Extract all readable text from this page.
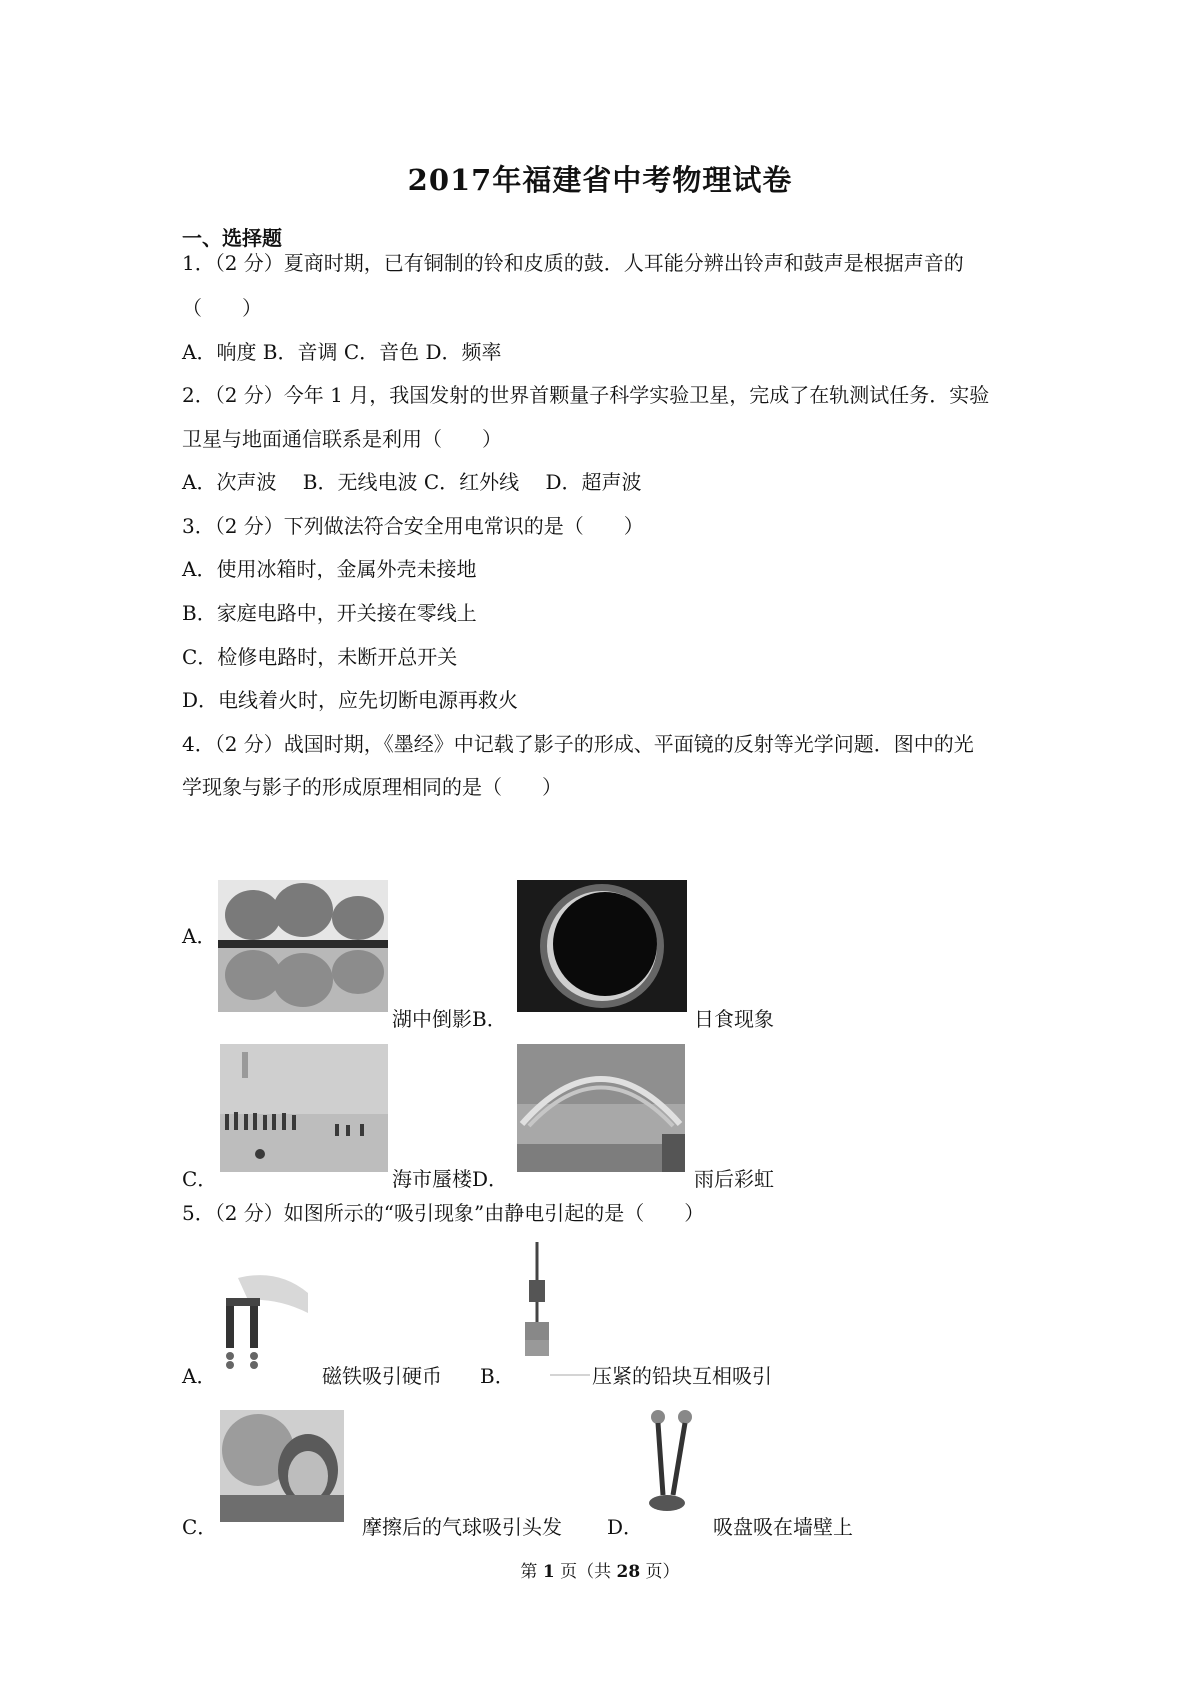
2017年福建省中考物理试卷
一、选择题
1．（2 分）夏商时期，已有铜制的铃和皮质的鼓．人耳能分辨出铃声和鼓声是根据声音的
（　　）
A．响度 B．音调 C．音色 D．频率
2．（2 分）今年 1 月，我国发射的世界首颗量子科学实验卫星，完成了在轨测试任务．实验
卫星与地面通信联系是利用（　　）
A．次声波　 B．无线电波 C．红外线　 D．超声波
3．（2 分）下列做法符合安全用电常识的是（　　）
A．使用冰箱时，金属外壳未接地
B．家庭电路中，开关接在零线上
C．检修电路时，未断开总开关
D．电线着火时，应先切断电源再救火
4．（2 分）战国时期，《墨经》中记载了影子的形成、平面镜的反射等光学问题．图中的光
学现象与影子的形成原理相同的是（　　）
A．
湖中倒影 B．	日食现象
C．	海市蜃楼 D．	雨后彩虹
5．（2 分）如图所示的“吸引现象”由静电引起的是（　　）
A．	磁铁吸引硬币 B．	压紧的铅块互相吸引
C．	摩擦后的气球吸引头发 D．	吸盘吸在墙壁上
第 1 页（共 28 页）
